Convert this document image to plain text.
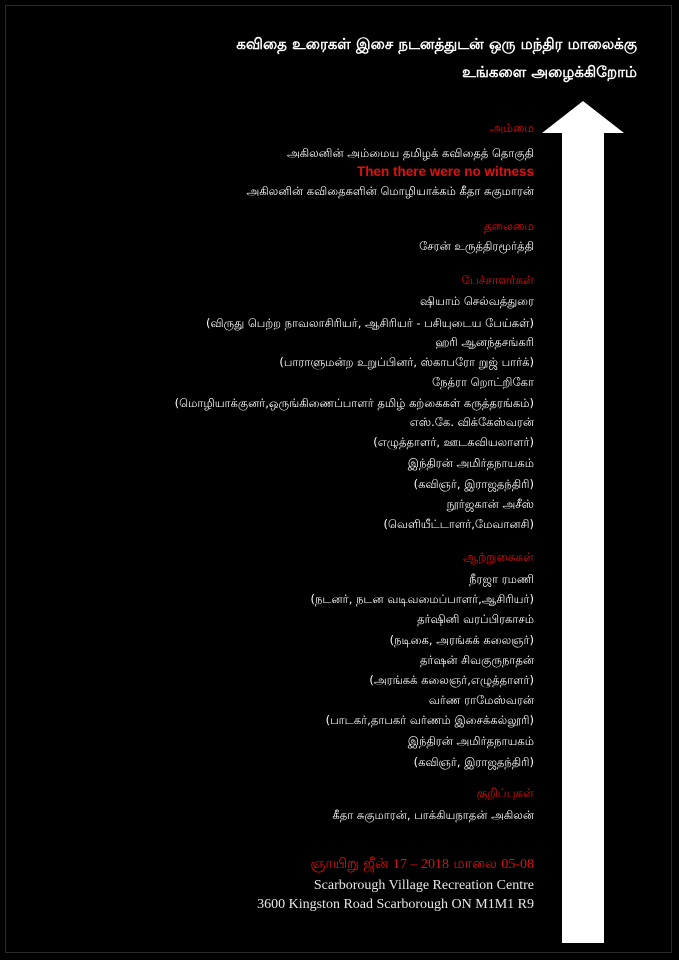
கவிதை உரைகள் இசை நடனத்துடன் ஒரு மந்திர மாலைக்கு
உங்களை அழைக்கிறோம்
அம்மை
அகிலனின் அம்மைய தமிழக் கவிதைத் தொகுதி
Then there were no witness
அகிலனின் கவிதைகளின் மொழியாக்கம் கீதா சுகுமாரன்
தலைமை
சேரன் உருத்திரமூர்த்தி
பேச்சாளர்கள்
ஷியாம் செல்வத்துரை
(விருது பெற்ற நாவலாசிரியர், ஆசிரியர் - பசியுடைய பேய்கள்)
ஹரி ஆனந்தசங்கரி
(பாராளுமன்ற உறுப்பினர், ஸ்காபரோ றுஜ் பார்க்)
நேத்ரா றொட்றிகோ
(மொழியாக்குனர்,ஒருங்கிணைப்பாளர் தமிழ் கற்கைகள் கருத்தரங்கம்)
எஸ்.கே. விக்கேஸ்வரன்
(எழுத்தாளர், ஊடகவியலாளர்)
இந்திரன் அமிர்தநாயகம்
(கவிஞர், இராஜதந்திரி)
நூர்ஜகான் அசீஸ்
(வெளியீட்டாளர்,மேவானசி)
ஆற்றுகைகள்
நீரஜா ரமணி
(நடனர், நடன வடிவமைப்பாளர்,ஆசிரியர்)
தர்ஷினி வரப்பிரகாசம்
(நடிகை, அரங்கக் கலைஞர்)
தர்ஷன் சிவகுருநாதன்
(அரங்கக் கலைஞர்,எழுத்தாளர்)
வர்ண ராமேஸ்வரன்
(பாடகர்,தாபகர் வர்ணம் இசைக்கல்லூரி)
இந்திரன் அமிர்தநாயகம்
(கவிஞர், இராஜதந்திரி)
குறிப்புகள்
கீதா சுகுமாரன், பாக்கியநாதன் அகிலன்
ஞாயிறு ஜீன் 17 – 2018 மாலை 05-08
Scarborough Village Recreation Centre
3600 Kingston Road Scarborough ON M1M1 R9
